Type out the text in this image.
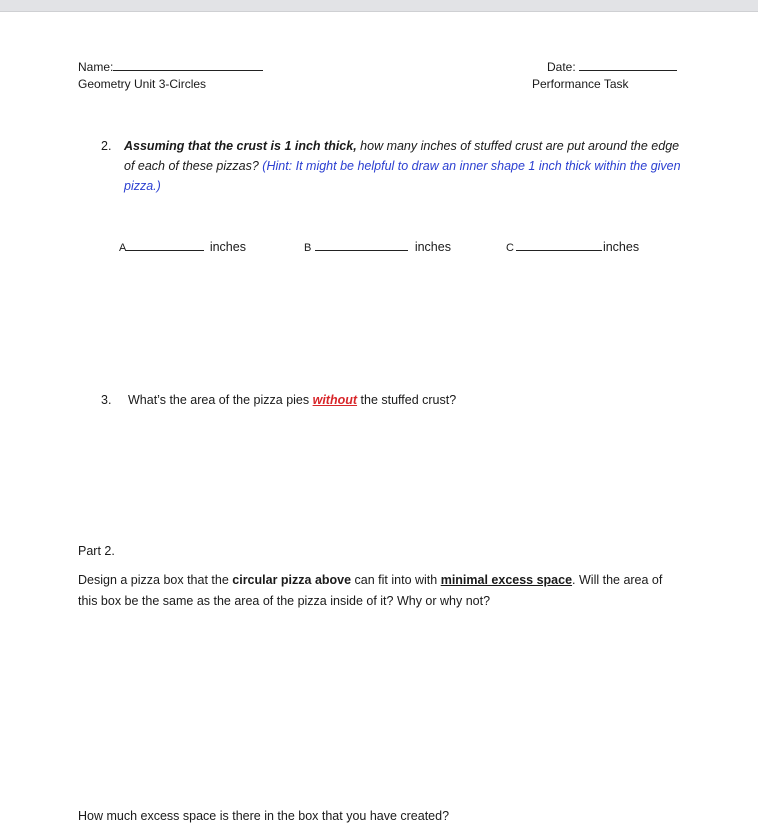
Name:
Geometry Unit 3-Circles
Date:
Performance Task
2. Assuming that the crust is 1 inch thick, how many inches of stuffed crust are put around the edge of each of these pizzas? (Hint: It might be helpful to draw an inner shape 1 inch thick within the given pizza.)
A	inches	B	inches	C	inches
3. What’s the area of the pizza pies without the stuffed crust?
Part 2.
Design a pizza box that the circular pizza above can fit into with minimal excess space. Will the area of this box be the same as the area of the pizza inside of it? Why or why not?
How much excess space is there in the box that you have created?
